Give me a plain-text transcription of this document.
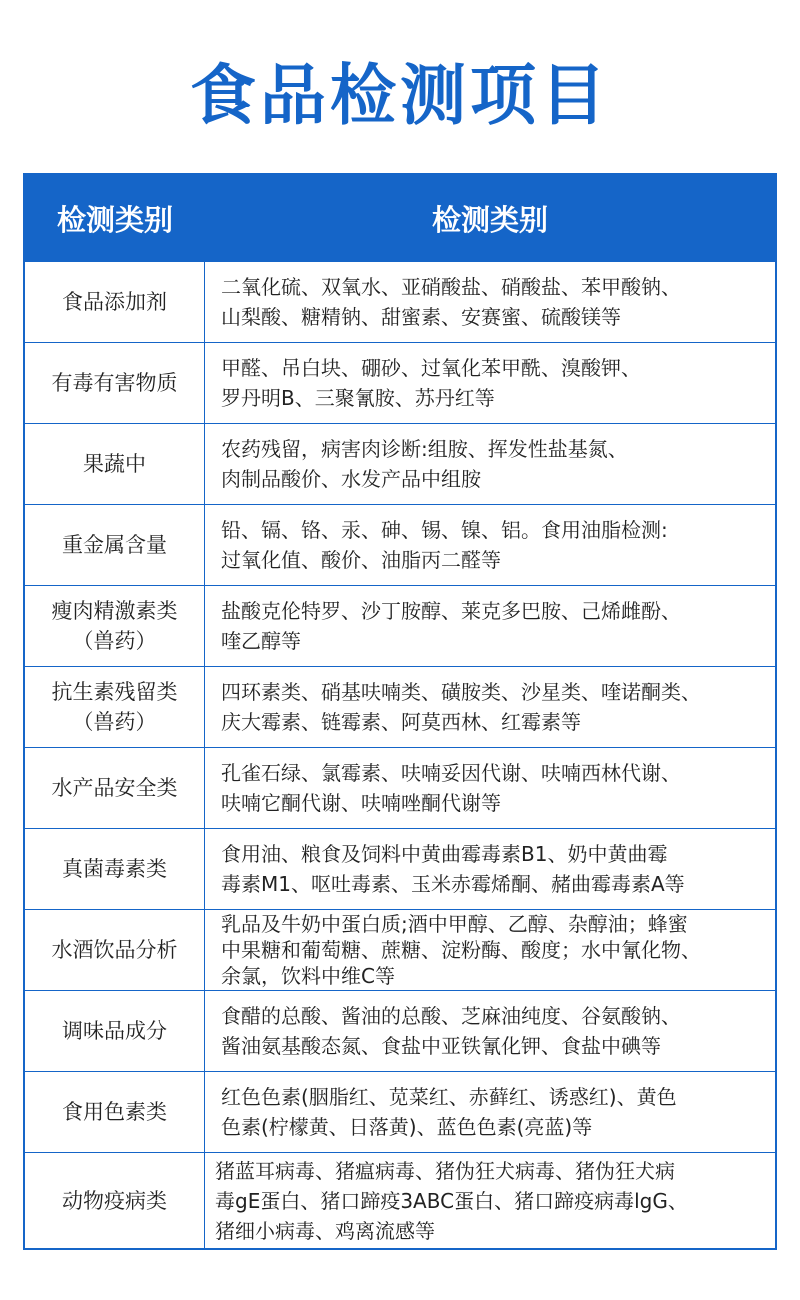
食品检测项目
检测类别	检测类别
食品添加剂
二氧化硫、双氧水、亚硝酸盐、硝酸盐、苯甲酸钠、
山梨酸、糖精钠、甜蜜素、安赛蜜、硫酸镁等
有毒有害物质
甲醛、吊白块、硼砂、过氧化苯甲酰、溴酸钾、
罗丹明B、三聚氰胺、苏丹红等
果蔬中
农药残留，病害肉诊断:组胺、挥发性盐基氮、
肉制品酸价、水发产品中组胺
重金属含量
铅、镉、铬、汞、砷、锡、镍、铝。食用油脂检测:
过氧化值、酸价、油脂丙二醛等
瘦肉精激素类
（兽药）
盐酸克伦特罗、沙丁胺醇、莱克多巴胺、己烯雌酚、
喹乙醇等
抗生素残留类
（兽药）
四环素类、硝基呋喃类、磺胺类、沙星类、喹诺酮类、
庆大霉素、链霉素、阿莫西林、红霉素等
水产品安全类
孔雀石绿、氯霉素、呋喃妥因代谢、呋喃西林代谢、
呋喃它酮代谢、呋喃唑酮代谢等
真菌毒素类
食用油、粮食及饲料中黄曲霉毒素B1、奶中黄曲霉
毒素M1、呕吐毒素、玉米赤霉烯酮、赭曲霉毒素A等
水酒饮品分析
乳品及牛奶中蛋白质;酒中甲醇、乙醇、杂醇油；蜂蜜
中果糖和葡萄糖、蔗糖、淀粉酶、酸度；水中氰化物、
余氯，饮料中维C等
调味品成分
食醋的总酸、酱油的总酸、芝麻油纯度、谷氨酸钠、
酱油氨基酸态氮、食盐中亚铁氰化钾、食盐中碘等
食用色素类
红色色素(胭脂红、苋菜红、赤藓红、诱惑红)、黄色
色素(柠檬黄、日落黄)、蓝色色素(亮蓝)等
动物疫病类
猪蓝耳病毒、猪瘟病毒、猪伪狂犬病毒、猪伪狂犬病
毒gE蛋白、猪口蹄疫3ABC蛋白、猪口蹄疫病毒lgG、
猪细小病毒、鸡离流感等
